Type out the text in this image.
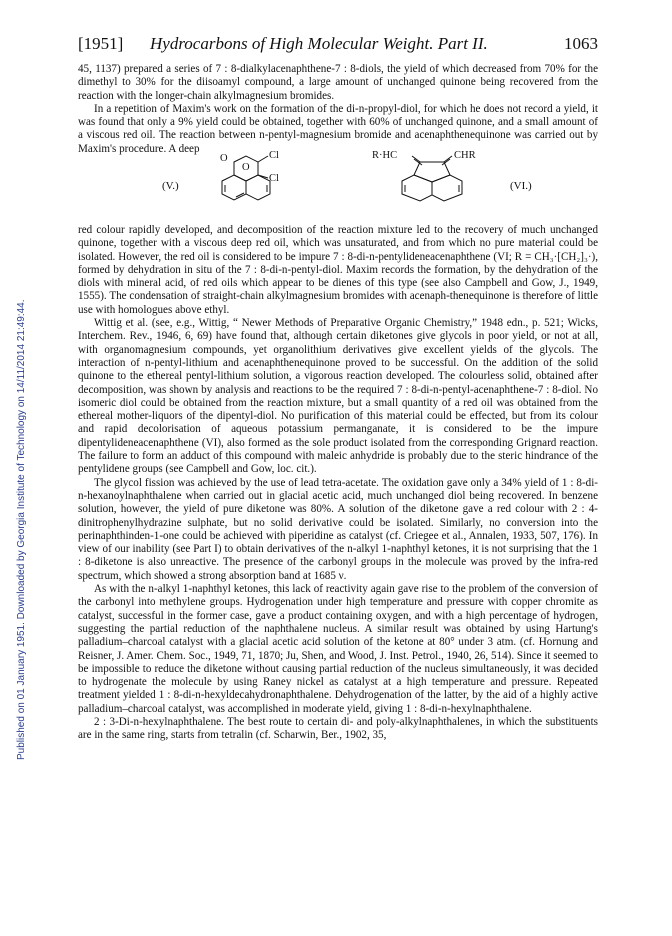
Published on 01 January 1951. Downloaded by Georgia Institute of Technology on 14/11/2014 21:49:44.
[1951] Hydrocarbons of High Molecular Weight. Part II.	1063

45, 1137) prepared a series of 7 : 8-dialkylacenaphthene-7 : 8-diols, the yield of which decreased from 70% for the dimethyl to 30% for the diisoamyl compound, a large amount of unchanged quinone being recovered from the reaction with the longer-chain alkylmagnesium bromides.

In a repetition of Maxim's work on the formation of the di-n-propyl-diol, for which he does not record a yield, it was found that only a 9% yield could be obtained, together with 60% of unchanged quinone, and a small amount of a viscous red oil. The reaction between n-pentyl-magnesium bromide and acenaphthenequinone was carried out by Maxim's procedure. A deep

(V.)
O
O
Cl
Cl
R·HC	CHR
(VI.)

red colour rapidly developed, and decomposition of the reaction mixture led to the recovery of much unchanged quinone, together with a viscous deep red oil, which was unsaturated, and from which no pure material could be isolated. However, the red oil is considered to be impure 7 : 8-di-n-pentylideneacenaphthene (VI; R = CH₃·[CH₂]₃·), formed by dehydration in situ of the 7 : 8-di-n-pentyl-diol. Maxim records the formation, by the dehydration of the diols with mineral acid, of red oils which appear to be dienes of this type (see also Campbell and Gow, J., 1949, 1555). The condensation of straight-chain alkylmagnesium bromides with acenaph-thenequinone is therefore of little use with homologues above ethyl.

Wittig et al. (see, e.g., Wittig, “ Newer Methods of Preparative Organic Chemistry,” 1948 edn., p. 521; Wicks, Interchem. Rev., 1946, 6, 69) have found that, although certain diketones give glycols in poor yield, or not at all, with organomagnesium compounds, yet organolithium derivatives give excellent yields of the glycols. The interaction of n-pentyl-lithium and acenaphthenequinone proved to be successful. On the addition of the solid quinone to the ethereal pentyl-lithium solution, a vigorous reaction developed. The colourless solid, obtained after decomposition, was shown by analysis and reactions to be the required 7 : 8-di-n-pentyl-acenaphthene-7 : 8-diol. No isomeric diol could be obtained from the reaction mixture, but a small quantity of a red oil was obtained from the ethereal mother-liquors of the dipentyl-diol. No purification of this material could be effected, but from its colour and rapid decolorisation of aqueous potassium permanganate, it is considered to be the impure dipentylideneacenaphthene (VI), also formed as the sole product isolated from the corresponding Grignard reaction. The failure to form an adduct of this compound with maleic anhydride is probably due to the steric hindrance of the pentylidene groups (see Campbell and Gow, loc. cit.).

The glycol fission was achieved by the use of lead tetra-acetate. The oxidation gave only a 34% yield of 1 : 8-di-n-hexanoylnaphthalene when carried out in glacial acetic acid, much unchanged diol being recovered. In benzene solution, however, the yield of pure diketone was 80%. A solution of the diketone gave a red colour with 2 : 4-dinitrophenylhydrazine sulphate, but no solid derivative could be isolated. Similarly, no conversion into the perinaphthinden-1-one could be achieved with piperidine as catalyst (cf. Criegee et al., Annalen, 1933, 507, 176). In view of our inability (see Part I) to obtain derivatives of the n-alkyl 1-naphthyl ketones, it is not surprising that the 1 : 8-diketone is also unreactive. The presence of the carbonyl groups in the molecule was proved by the infra-red spectrum, which showed a strong absorption band at 1685 ν.

As with the n-alkyl 1-naphthyl ketones, this lack of reactivity again gave rise to the problem of the conversion of the carbonyl into methylene groups. Hydrogenation under high temperature and pressure with copper chromite as catalyst, successful in the former case, gave a product containing oxygen, and with a high percentage of hydrogen, suggesting the partial reduction of the naphthalene nucleus. A similar result was obtained by using Hartung's palladium–charcoal catalyst with a glacial acetic acid solution of the ketone at 80° under 3 atm. (cf. Hornung and Reisner, J. Amer. Chem. Soc., 1949, 71, 1870; Ju, Shen, and Wood, J. Inst. Petrol., 1940, 26, 514). Since it seemed to be impossible to reduce the diketone without causing partial reduction of the nucleus simultaneously, it was decided to hydrogenate the molecule by using Raney nickel as catalyst at a high temperature and pressure. Repeated treatment yielded 1 : 8-di-n-hexyldecahydronaphthalene. Dehydrogenation of the latter, by the aid of a highly active palladium–charcoal catalyst, was accomplished in moderate yield, giving 1 : 8-di-n-hexylnaphthalene.

2 : 3-Di-n-hexylnaphthalene. The best route to certain di- and poly-alkylnaphthalenes, in which the substituents are in the same ring, starts from tetralin (cf. Scharwin, Ber., 1902, 35,
